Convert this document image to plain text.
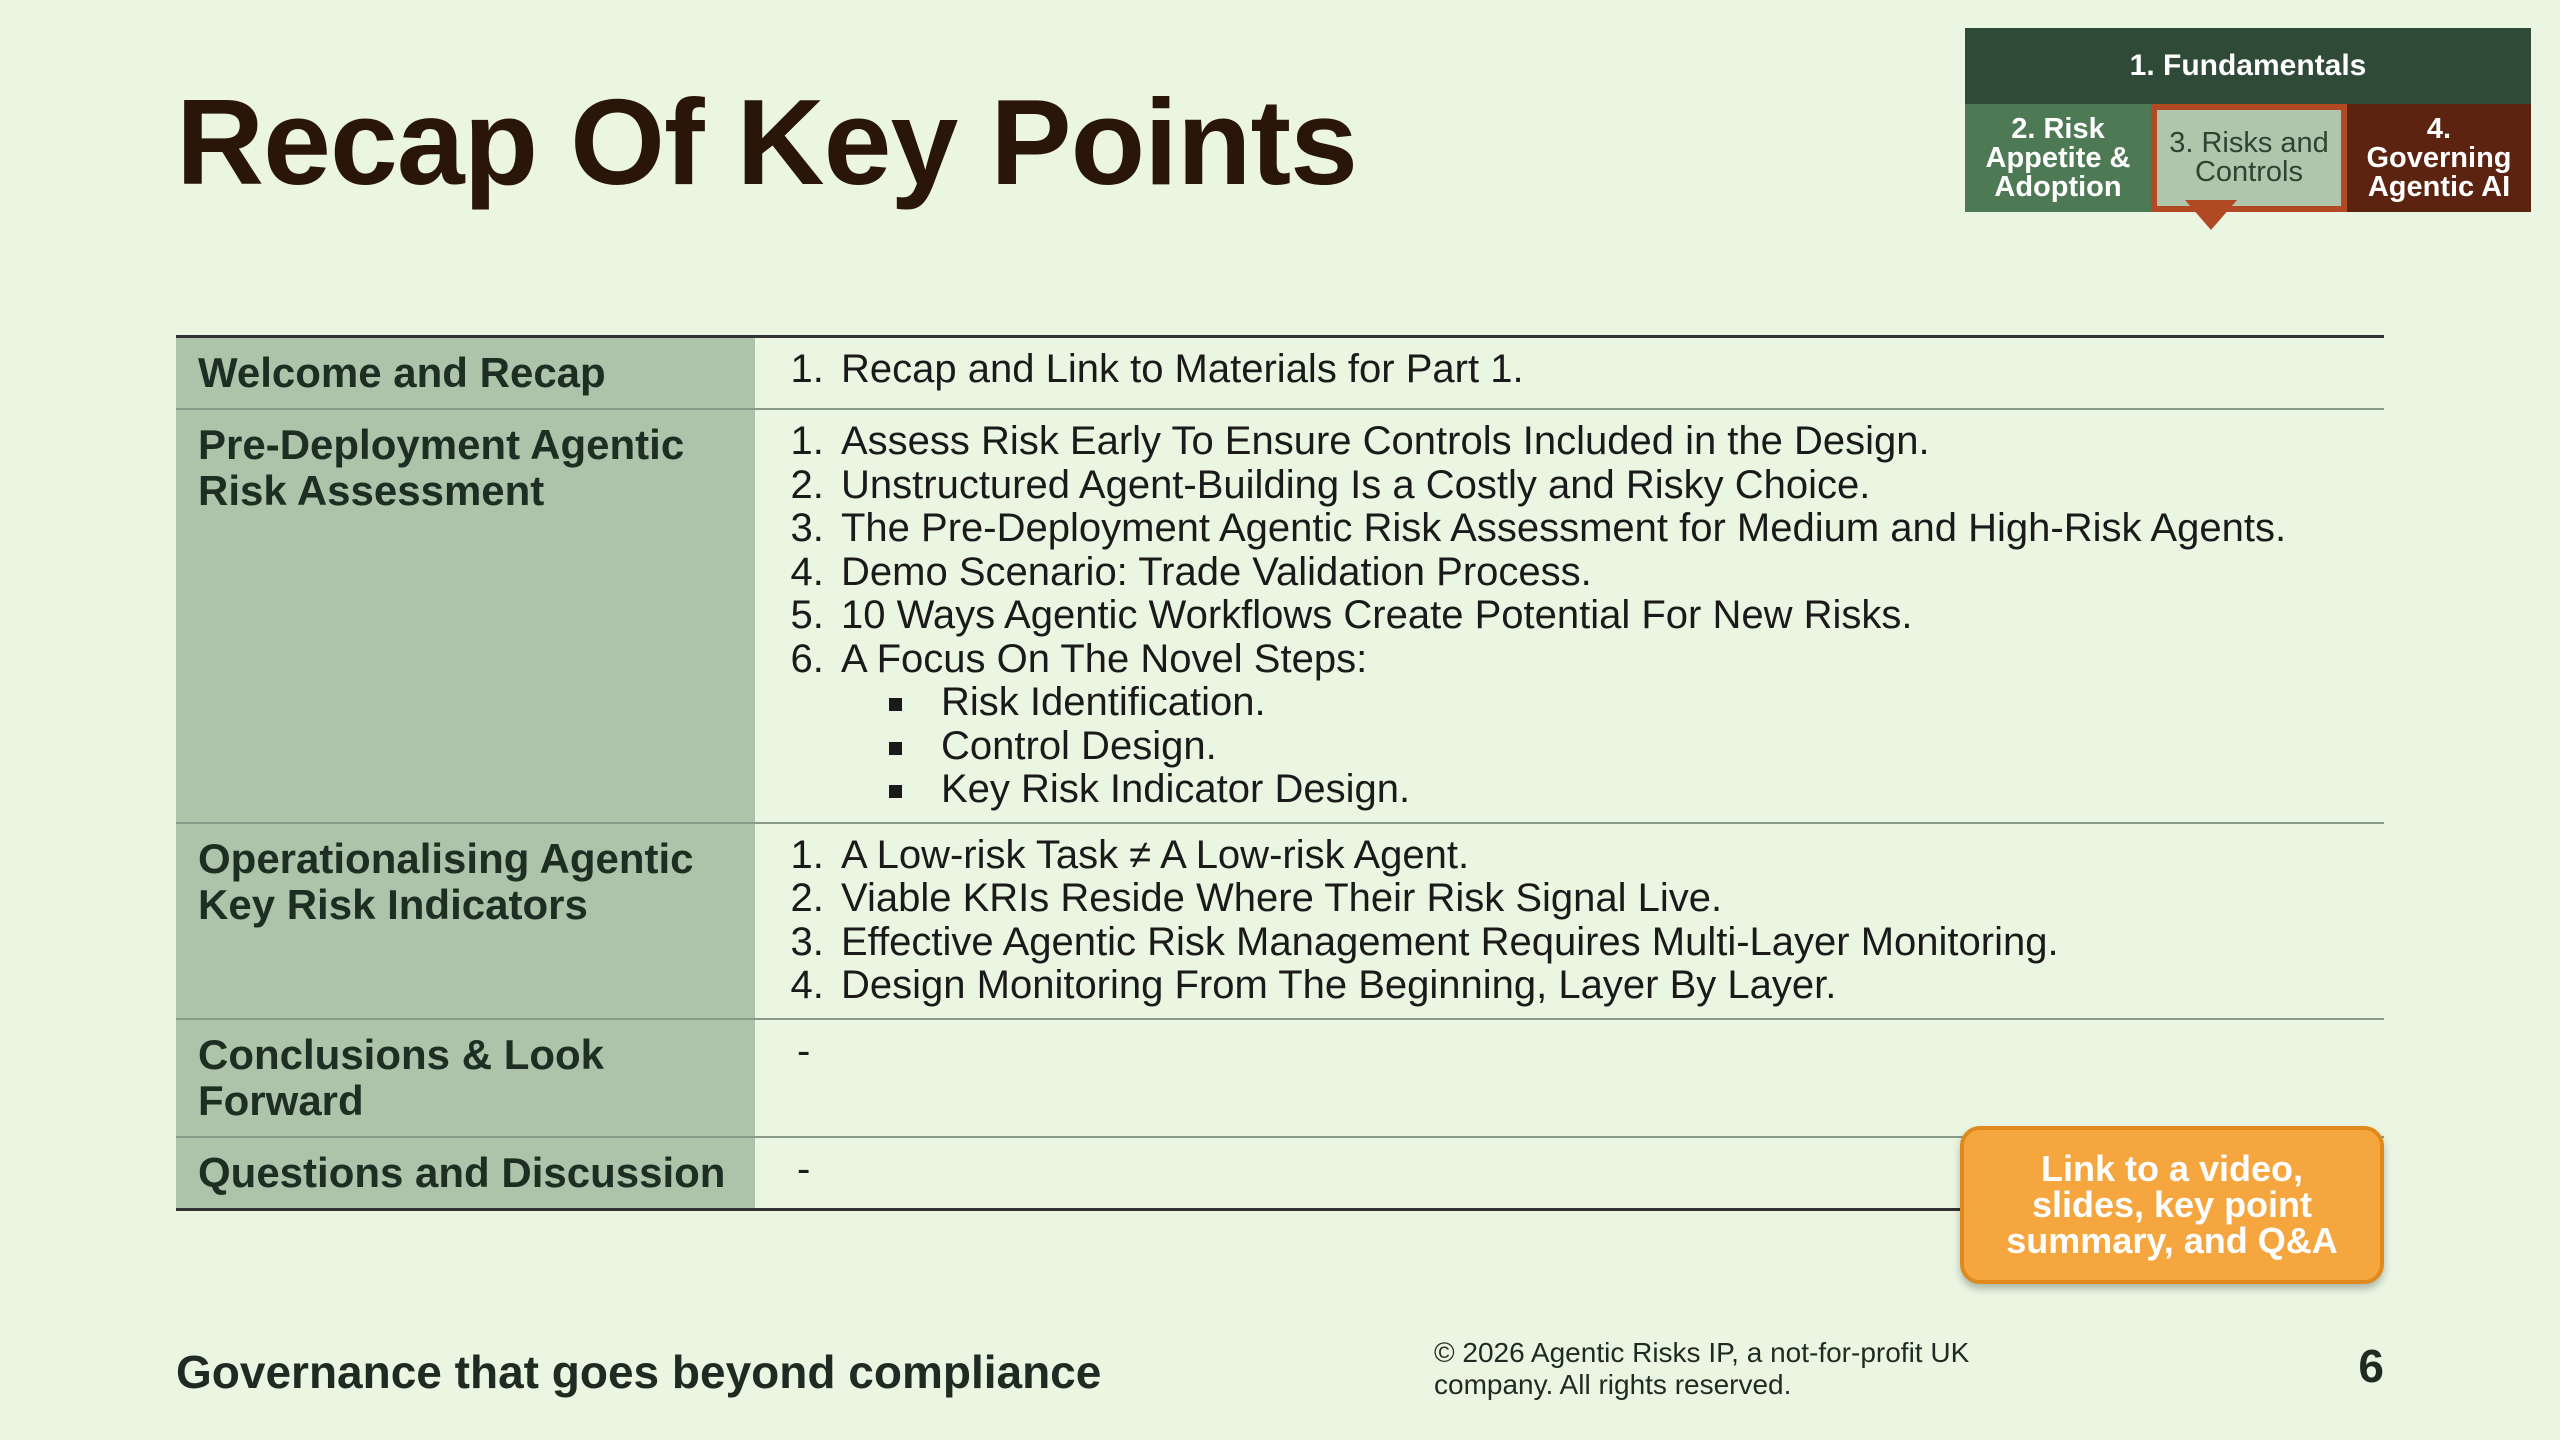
Recap Of Key Points
1. Fundamentals
2. Risk
Appetite &
Adoption
3. Risks and
Controls
4.
Governing
Agentic AI
Welcome and Recap
1.	Recap and Link to Materials for Part 1.
Pre-Deployment Agentic Risk Assessment
1. Assess Risk Early To Ensure Controls Included in the Design.
2. Unstructured Agent-Building Is a Costly and Risky Choice.
3. The Pre-Deployment Agentic Risk Assessment for Medium and High-Risk Agents.
4. Demo Scenario: Trade Validation Process.
5. 10 Ways Agentic Workflows Create Potential For New Risks.
6. A Focus On The Novel Steps:
Risk Identification.
Control Design.
Key Risk Indicator Design.
Operationalising Agentic Key Risk Indicators
1. A Low-risk Task ≠ A Low-risk Agent.
2. Viable KRIs Reside Where Their Risk Signal Live.
3. Effective Agentic Risk Management Requires Multi-Layer Monitoring.
4. Design Monitoring From The Beginning, Layer By Layer.
Conclusions & Look Forward
-
Questions and Discussion	-	Link to a video,
slides, key point
summary, and Q&A
Governance that goes beyond compliance	© 2026 Agentic Risks IP, a not-for-profit UK company. All rights reserved.	6
